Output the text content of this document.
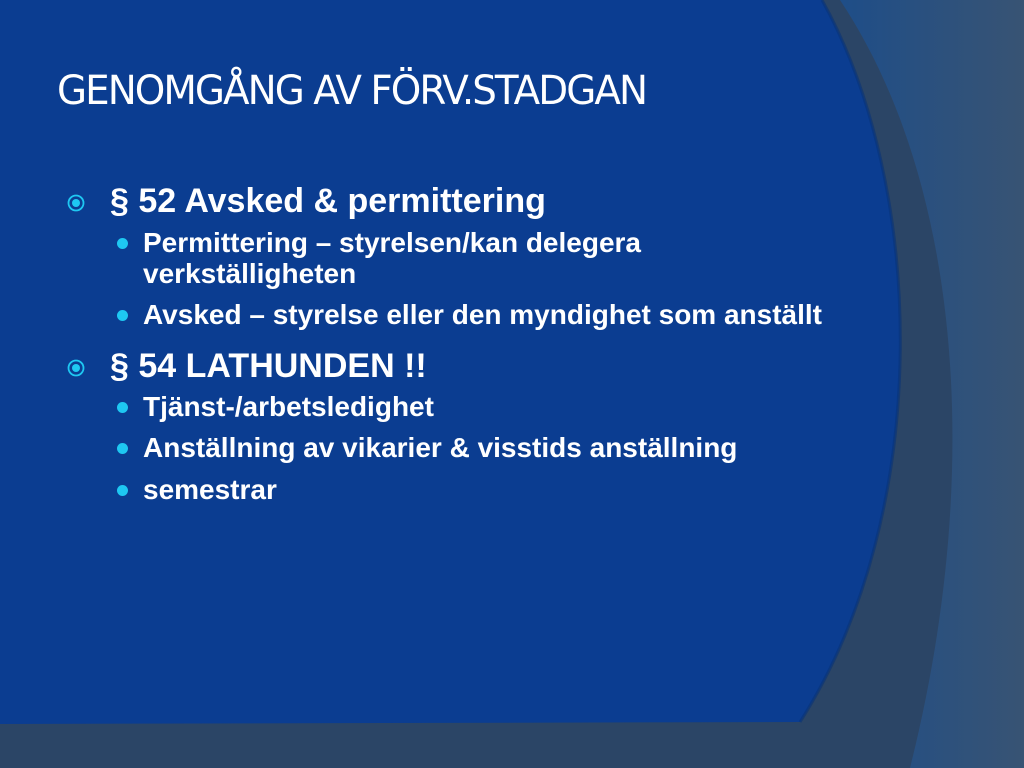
GENOMGÅNG AV FÖRV.STADGAN
§ 52 Avsked & permittering
Permittering – styrelsen/kan delegera verkställigheten
Avsked – styrelse eller den myndighet som anställt
§ 54 LATHUNDEN !!
Tjänst-/arbetsledighet
Anställning av vikarier & visstids anställning
semestrar
